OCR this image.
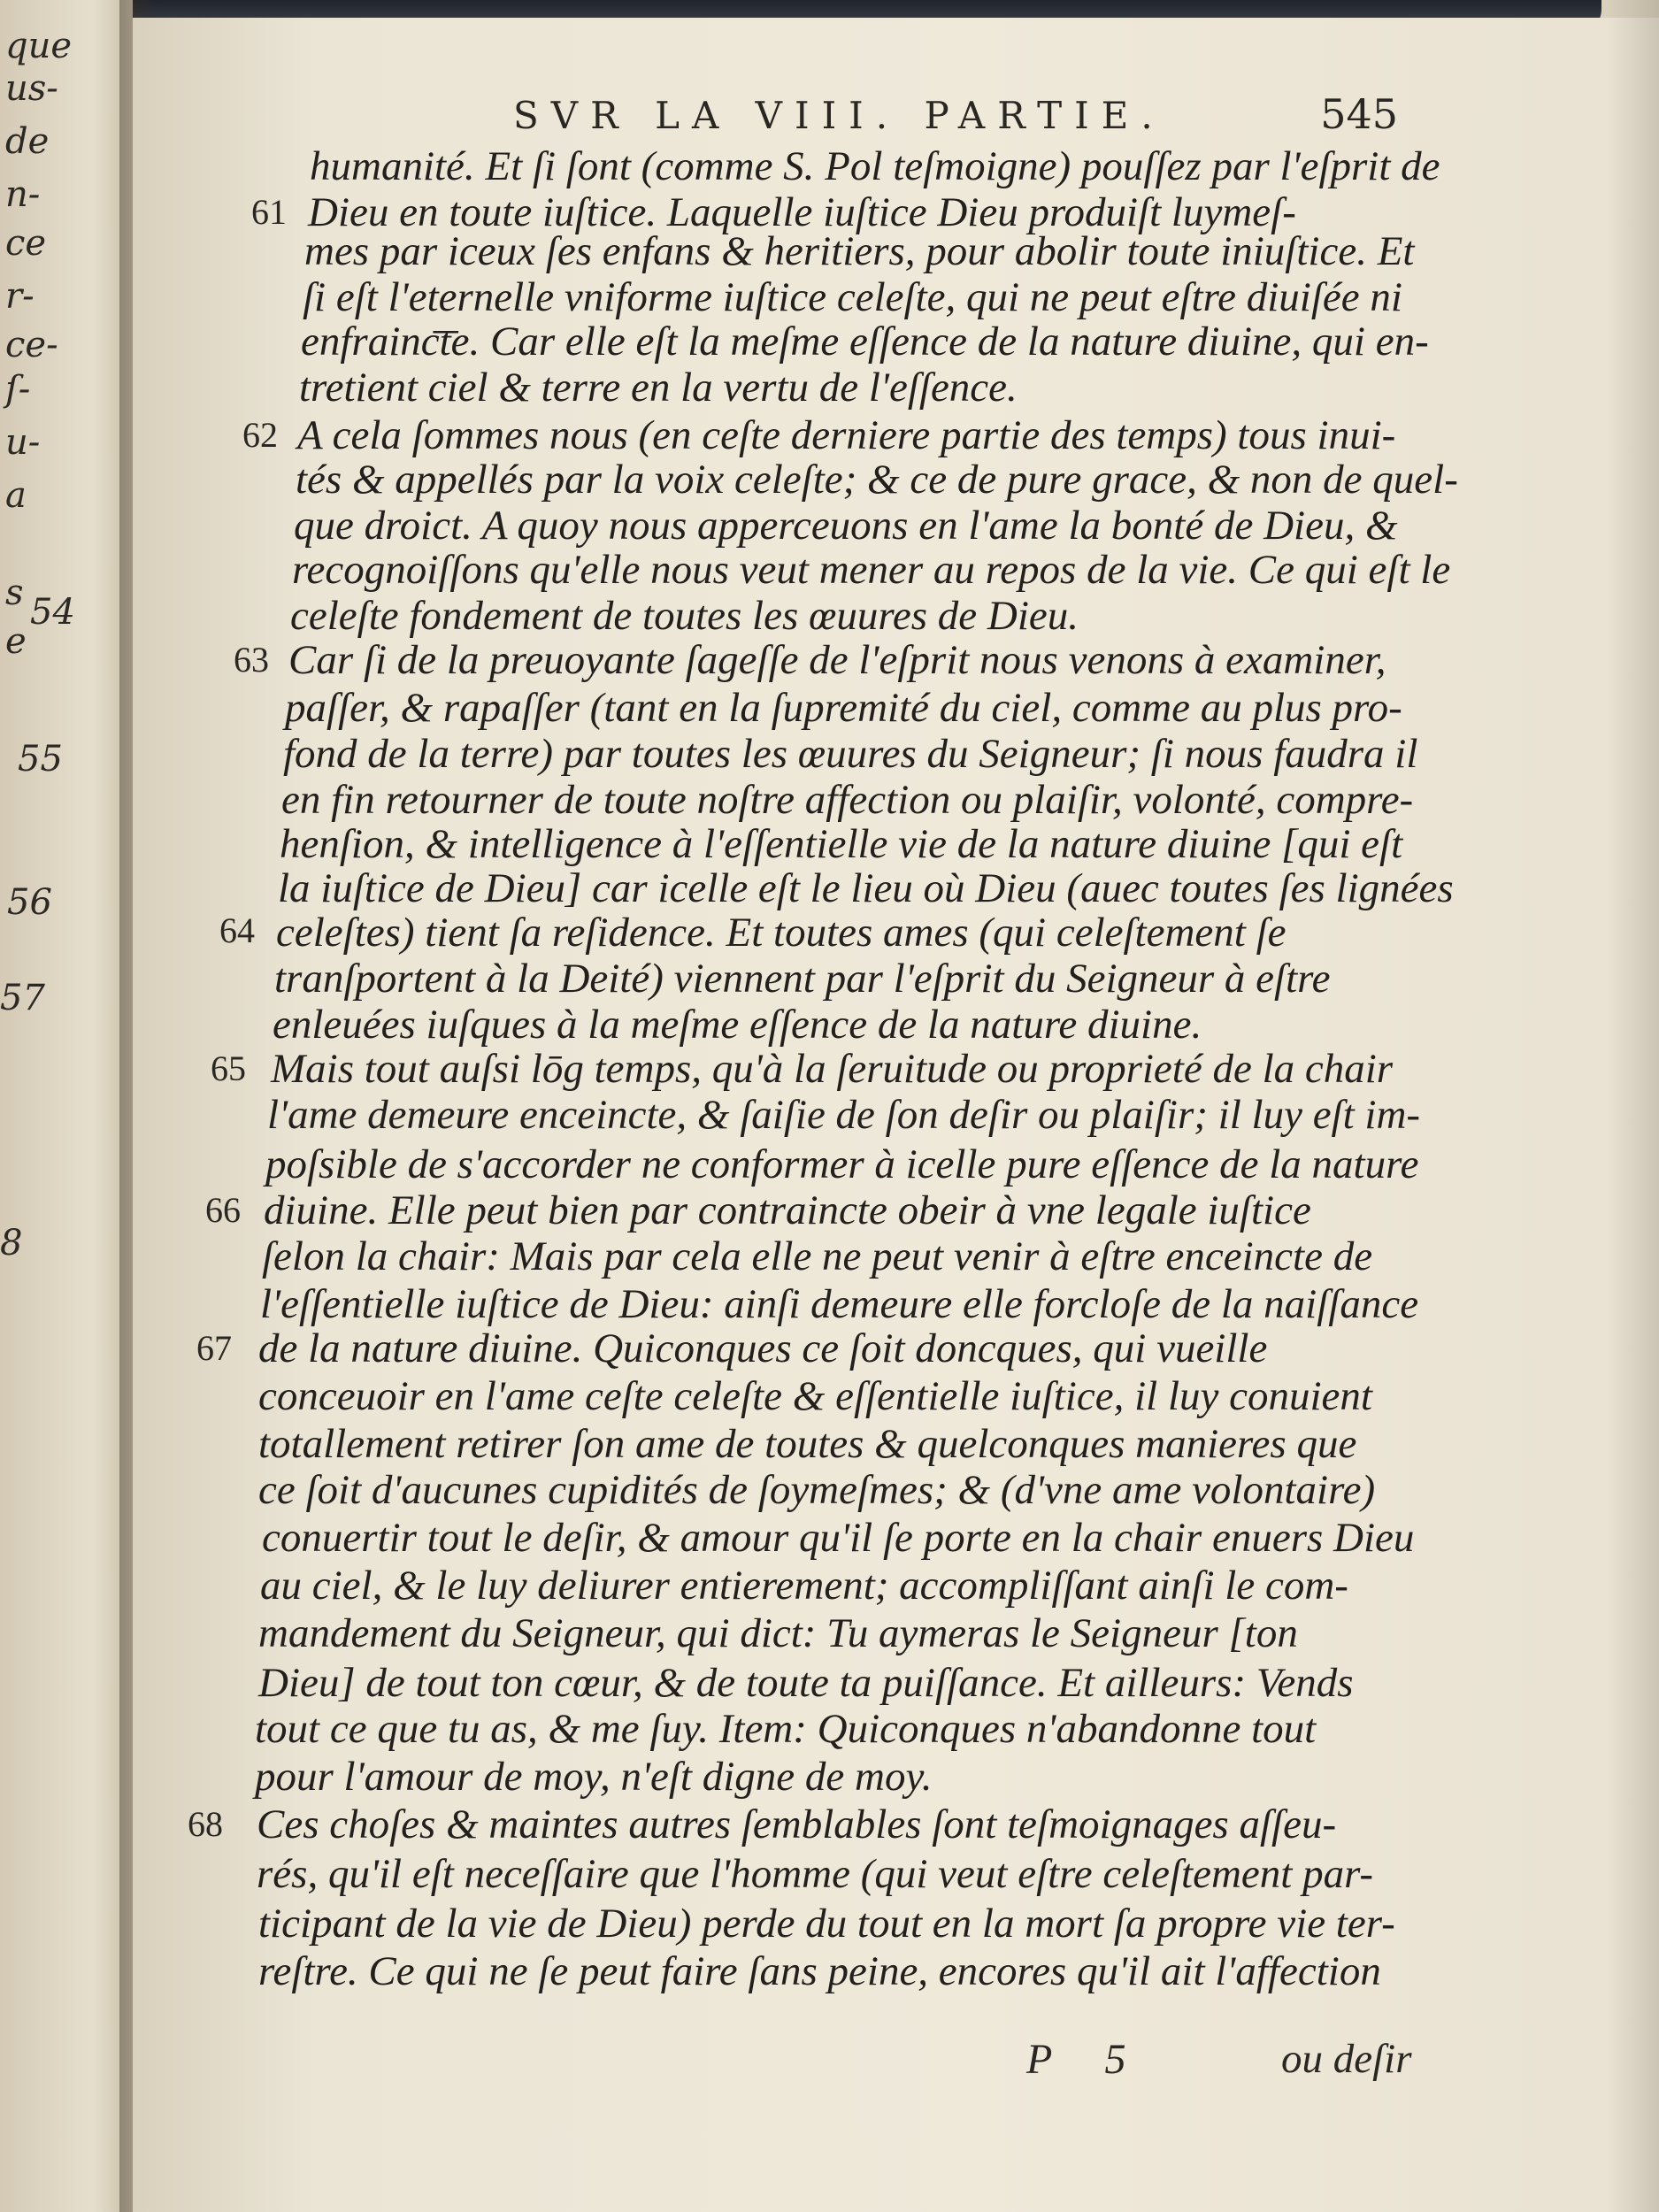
que
us-
de
n-
ce
r-
ce-
ſ-
u-
a
s
e
54
55
56
57
8
SVR LA VIII. PARTIE.	545
61
62
63
64
65
66
67
68
humanité. Et ſi ſont (comme S. Pol teſmoigne) pouſſez par l'eſprit de
Dieu en toute iuſtice. Laquelle iuſtice Dieu produiſt luymeſ-
mes par iceux ſes enfans & heritiers, pour abolir toute iniuſtice. Et
ſi eſt l'eternelle vniforme iuſtice celeſte, qui ne peut eſtre diuiſée ni
enfrainc͞te. Car elle eſt la meſme eſſence de la nature diuine, qui en-
tretient ciel & terre en la vertu de l'eſſence.
A cela ſommes nous (en ceſte derniere partie des temps) tous inui-
tés & appellés par la voix celeſte; & ce de pure grace, & non de quel-
que droict. A quoy nous apperceuons en l'ame la bonté de Dieu, &
recognoiſſons qu'elle nous veut mener au repos de la vie. Ce qui eſt le
celeſte fondement de toutes les œuures de Dieu.
Car ſi de la preuoyante ſageſſe de l'eſprit nous venons à examiner,
paſſer, & rapaſſer (tant en la ſupremité du ciel, comme au plus pro-
fond de la terre) par toutes les œuures du Seigneur; ſi nous faudra il
en fin retourner de toute noſtre affection ou plaiſir, volonté, compre-
henſion, & intelligence à l'eſſentielle vie de la nature diuine [qui eſt
la iuſtice de Dieu] car icelle eſt le lieu où Dieu (auec toutes ſes lignées
celeſtes) tient ſa reſidence. Et toutes ames (qui celeſtement ſe
tranſportent à la Deité) viennent par l'eſprit du Seigneur à eſtre
enleuées iuſques à la meſme eſſence de la nature diuine.
Mais tout auſsi lōg temps, qu'à la ſeruitude ou proprieté de la chair
l'ame demeure enceincte, & ſaiſie de ſon deſir ou plaiſir; il luy eſt im-
poſsible de s'accorder ne conformer à icelle pure eſſence de la nature
diuine. Elle peut bien par contraincte obeir à vne legale iuſtice
ſelon la chair: Mais par cela elle ne peut venir à eſtre enceincte de
l'eſſentielle iuſtice de Dieu: ainſi demeure elle forcloſe de la naiſſance
de la nature diuine. Quiconques ce ſoit doncques, qui vueille
conceuoir en l'ame ceſte celeſte & eſſentielle iuſtice, il luy conuient
totallement retirer ſon ame de toutes & quelconques manieres que
ce ſoit d'aucunes cupidités de ſoymeſmes; & (d'vne ame volontaire)
conuertir tout le deſir, & amour qu'il ſe porte en la chair enuers Dieu
au ciel, & le luy deliurer entierement; accompliſſant ainſi le com-
mandement du Seigneur, qui dict: Tu aymeras le Seigneur [ton
Dieu] de tout ton cœur, & de toute ta puiſſance. Et ailleurs: Vends
tout ce que tu as, & me ſuy. Item: Quiconques n'abandonne tout
pour l'amour de moy, n'eſt digne de moy.
Ces choſes & maintes autres ſemblables ſont teſmoignages aſſeu-
rés, qu'il eſt neceſſaire que l'homme (qui veut eſtre celeſtement par-
ticipant de la vie de Dieu) perde du tout en la mort ſa propre vie ter-
reſtre. Ce qui ne ſe peut faire ſans peine, encores qu'il ait l'affection
P 5	ou deſir
